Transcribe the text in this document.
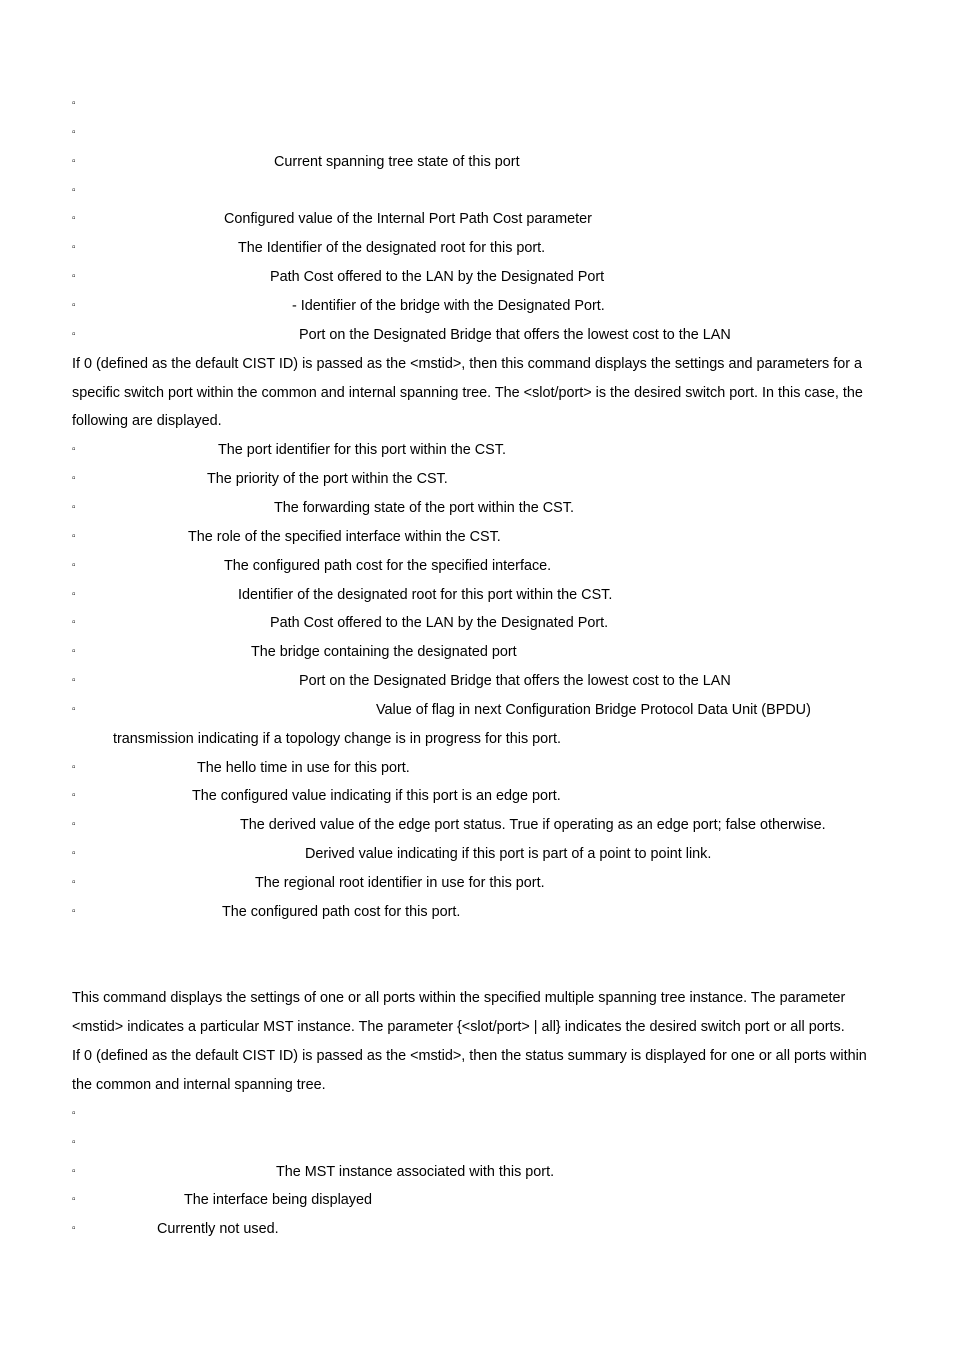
▫
▫
▫	Current spanning tree state of this port
▫
▫	Configured value of the Internal Port Path Cost parameter
▫	The Identifier of the designated root for this port.
▫	Path Cost offered to the LAN by the Designated Port
▫	- Identifier of the bridge with the Designated Port.
▫	Port on the Designated Bridge that offers the lowest cost to the LAN
If 0 (defined as the default CIST ID) is passed as the <mstid>, then this command displays the settings and parameters for a
specific switch port within the common and internal spanning tree. The <slot/port> is the desired switch port. In this case, the
following are displayed.
▫	The port identifier for this port within the CST.
▫	The priority of the port within the CST.
▫	The forwarding state of the port within the CST.
▫	The role of the specified interface within the CST.
▫	The configured path cost for the specified interface.
▫	Identifier of the designated root for this port within the CST.
▫	Path Cost offered to the LAN by the Designated Port.
▫	The bridge containing the designated port
▫	Port on the Designated Bridge that offers the lowest cost to the LAN
▫	Value of flag in next Configuration Bridge Protocol Data Unit (BPDU)
transmission indicating if a topology change is in progress for this port.
▫	The hello time in use for this port.
▫	The configured value indicating if this port is an edge port.
▫	The derived value of the edge port status. True if operating as an edge port; false otherwise.
▫	Derived value indicating if this port is part of a point to point link.
▫	The regional root identifier in use for this port.
▫	The configured path cost for this port.
This command displays the settings of one or all ports within the specified multiple spanning tree instance. The parameter
<mstid> indicates a particular MST instance. The parameter {<slot/port> | all} indicates the desired switch port or all ports.
If 0 (defined as the default CIST ID) is passed as the <mstid>, then the status summary is displayed for one or all ports within
the common and internal spanning tree.
▫
▫
▫	The MST instance associated with this port.
▫	The interface being displayed
▫	Currently not used.
